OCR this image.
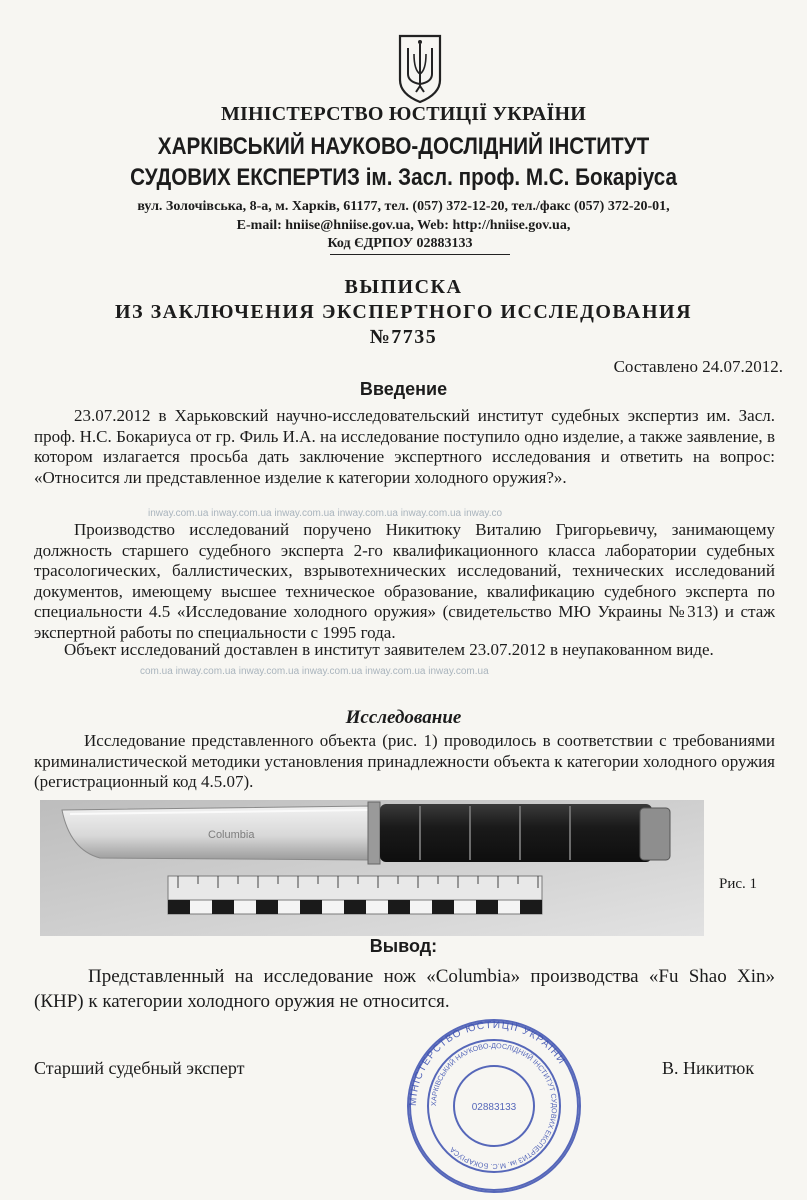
МІНІСТЕРСТВО ЮСТИЦІЇ УКРАЇНИ
ХАРКІВСЬКИЙ НАУКОВО-ДОСЛІДНИЙ ІНСТИТУТ
СУДОВИХ ЕКСПЕРТИЗ ім. Засл. проф. М.С. Бокаріуса
вул. Золочівська, 8-а, м. Харків, 61177, тел. (057) 372-12-20, тел./факс (057) 372-20-01,
E-mail: hniise@hniise.gov.ua, Web: http://hniise.gov.ua,
Код ЄДРПОУ 02883133
ВЫПИСКА
ИЗ ЗАКЛЮЧЕНИЯ ЭКСПЕРТНОГО ИССЛЕДОВАНИЯ
№7735
Составлено 24.07.2012.
Введение
23.07.2012 в Харьковский научно-исследовательский институт судебных экспертиз им. Засл. проф. Н.С. Бокариуса от гр. Филь И.А. на исследование поступило одно изделие, а также заявление, в котором излагается просьба дать заключение экспертного исследования и ответить на вопрос: «Относится ли представленное изделие к категории холодного оружия?».
inway.com.ua inway.com.ua inway.com.ua inway.com.ua inway.com.ua inway.co
Производство исследований поручено Никитюку Виталию Григорьевичу, занимающему должность старшего судебного эксперта 2-го квалификационного класса лаборатории судебных трасологических, баллистических, взрывотехнических исследований, технических исследований документов, имеющему высшее техническое образование, квалификацию судебного эксперта по специальности 4.5 «Исследование холодного оружия» (свидетельство МЮ Украины №313) и стаж экспертной работы по специальности с 1995 года.
Объект исследований доставлен в институт заявителем 23.07.2012 в неупакованном виде.
com.ua inway.com.ua inway.com.ua inway.com.ua inway.com.ua inway.com.ua
Исследование
Исследование представленного объекта (рис. 1) проводилось в соответствии с требованиями криминалистической методики установления принадлежности объекта к категории холодного оружия (регистрационный код 4.5.07).
Columbia
Рис. 1
Вывод:
Представленный на исследование нож «Columbia» производства «Fu Shao Xin» (КНР) к категории холодного оружия не относится.
Старший судебный эксперт	В. Никитюк
МІНІСТЕРСТВО ЮСТИЦІЇ УКРАЇНИ
ХАРКІВСЬКИЙ НАУКОВО-ДОСЛІДНИЙ ІНСТИТУТ СУДОВИХ ЕКСПЕРТИЗ ім. М.С. БОКАРІУСА
02883133
